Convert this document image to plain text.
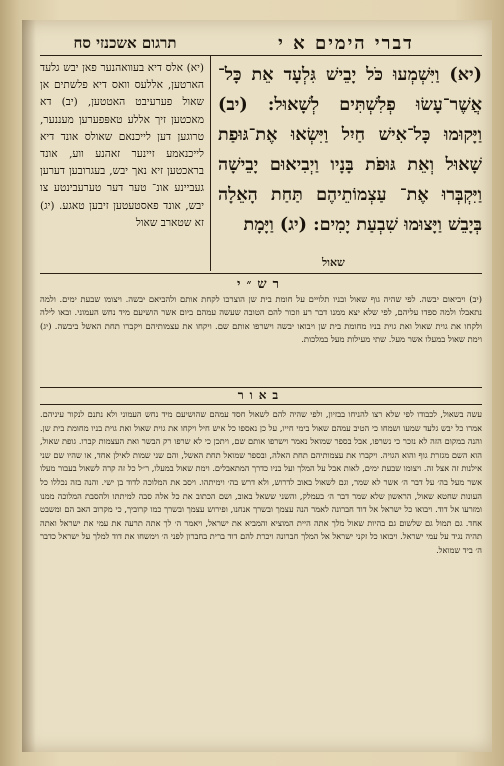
תרגום אשכנזי סח	דברי הימים א י
(יא) אלס דיא בעוואהנער פאן יבש גלעד הארטען, אללעס וואס דיא פלשתים אן שאול פערעיבט האטטען, (יב) דא מאכטען זיך אללע טאפּפערען מעננער, טרוגען דען לייכנאם שאולס אונד דיא לייכנאמע זיינער זאהנע ווע, אונד בראכטען זיא נאך יבש, בעגרובען דערען געביינע אונ־ טער דער טערעבינטע צו יבש, אונד פאסטעטען זיבען טאגע. (יג) זא שטארב שאול
(יא) וַיִּשְׁמְעוּ כֹּל יָבֵישׁ גִּלְעָד אֵת כָּל־ אֲשֶׁר־עָשׂוּ פְלִשְׁתִּים לְשָׁאוּל: (יב) וַיָּקוּמוּ כָּל־אִישׁ חַיִל וַיִּשְׂאוּ אֶת־גּוּפַת שָׁאוּל וְאֵת גּוּפֹת בָּנָיו וַיְבִיאוּם יָבֵישָׁה וַיִּקְבְּרוּ אֶת־ עַצְמוֹתֵיהֶם תַּחַת הָאֵלָה בְּיָבֵשׁ וַיָּצוּמוּ שִׁבְעַת יָמִים: (יג) וַיָּמָת
שאול
רש״י
(יב) ויביאום יבשה. לפי שהיה גוף שאול ובניו תלויים על חומת בית שן הוצרכו לקחת אותם ולהביאם יבשה. ויצומו שבעת ימים. ולמה נתאבלו ולמה ספדו עליהם, לפי שלא יצא ממנו דבר רע וזכור להם הטובה שעשה עמהם ביום אשר הושיעם מיד נחש העמוני. ובאו לילה ולקחו את גוית שאול ואת גוית בניו מחומת בית שן ויבואו יבשה וישרפו אותם שם. ויקחו את עצמותיהם ויקברו תחת האשל ביבשה. (יג) וימת שאול במעלו אשר מעל. שתי מעילות מעל במלכות.
באור
עשה בשאול, לכבודו לפי שלא רצו להניחו בבזיון, ולפי שהיה להם לשאול חסד עמהם שהושיעם מיד נחש העמוני ולא נתנם לנקור עיניהם. אמרו כל יבש גלעד שמעו ושמחו כי הטיב עמהם שאול בימי חייו, על כן נאספו כל איש חיל ויקחו את גוית שאול ואת גוית בניו מחומת בית שן. והנה במקום הזה לא נזכר כי נשרפו, אבל בספר שמואל נאמר וישרפו אותם שם, ויתכן כי לא שרפו רק הבשר ואת העצמות קברו. גופת שאול, הוא השם מגזרת גוף והוא הגויה. ויקברו את עצמותיהם תחת האלה, ובספר שמואל תחת האשל, והם שני שמות לאילן אחד, או שהיו שם שני אילנות זה אצל זה. ויצומו שבעת ימים, לאות אבל על המלך ועל בניו כדרך המתאבלים. וימת שאול במעלו, ר״ל כל זה קרה לשאול בעבור מעלו אשר מעל בה׳ על דבר ה׳ אשר לא שמר, וגם לשאול באוב לדרוש, ולא דרש בה׳ וימיתהו. ויסב את המלוכה לדוד בן ישי. והנה בזה נכללו כל העונות שחטא שאול, הראשון שלא שמר דבר ה׳ בעמלק, והשני ששאל באוב, ושם הכתוב את כל אלה סבה למיתתו ולהסבת המלוכה ממנו ומזרעו אל דוד. ויבואו כל ישראל אל דוד חברונה לאמר הנה עצמך ובשרך אנחנו, ופירוש עצמך ובשרך כמו קרוביך, כי מקרוב האב הם ומשבט אחד. גם תמול גם שלשום גם בהיות שאול מלך אתה היית המוציא והמביא את ישראל, ויאמר ה׳ לך אתה תרעה את עמי את ישראל ואתה תהיה נגיד על עמי ישראל. ויבואו כל זקני ישראל אל המלך חברונה ויכרת להם דוד ברית בחברון לפני ה׳ וימשחו את דוד למלך על ישראל כדבר ה׳ ביד שמואל.
